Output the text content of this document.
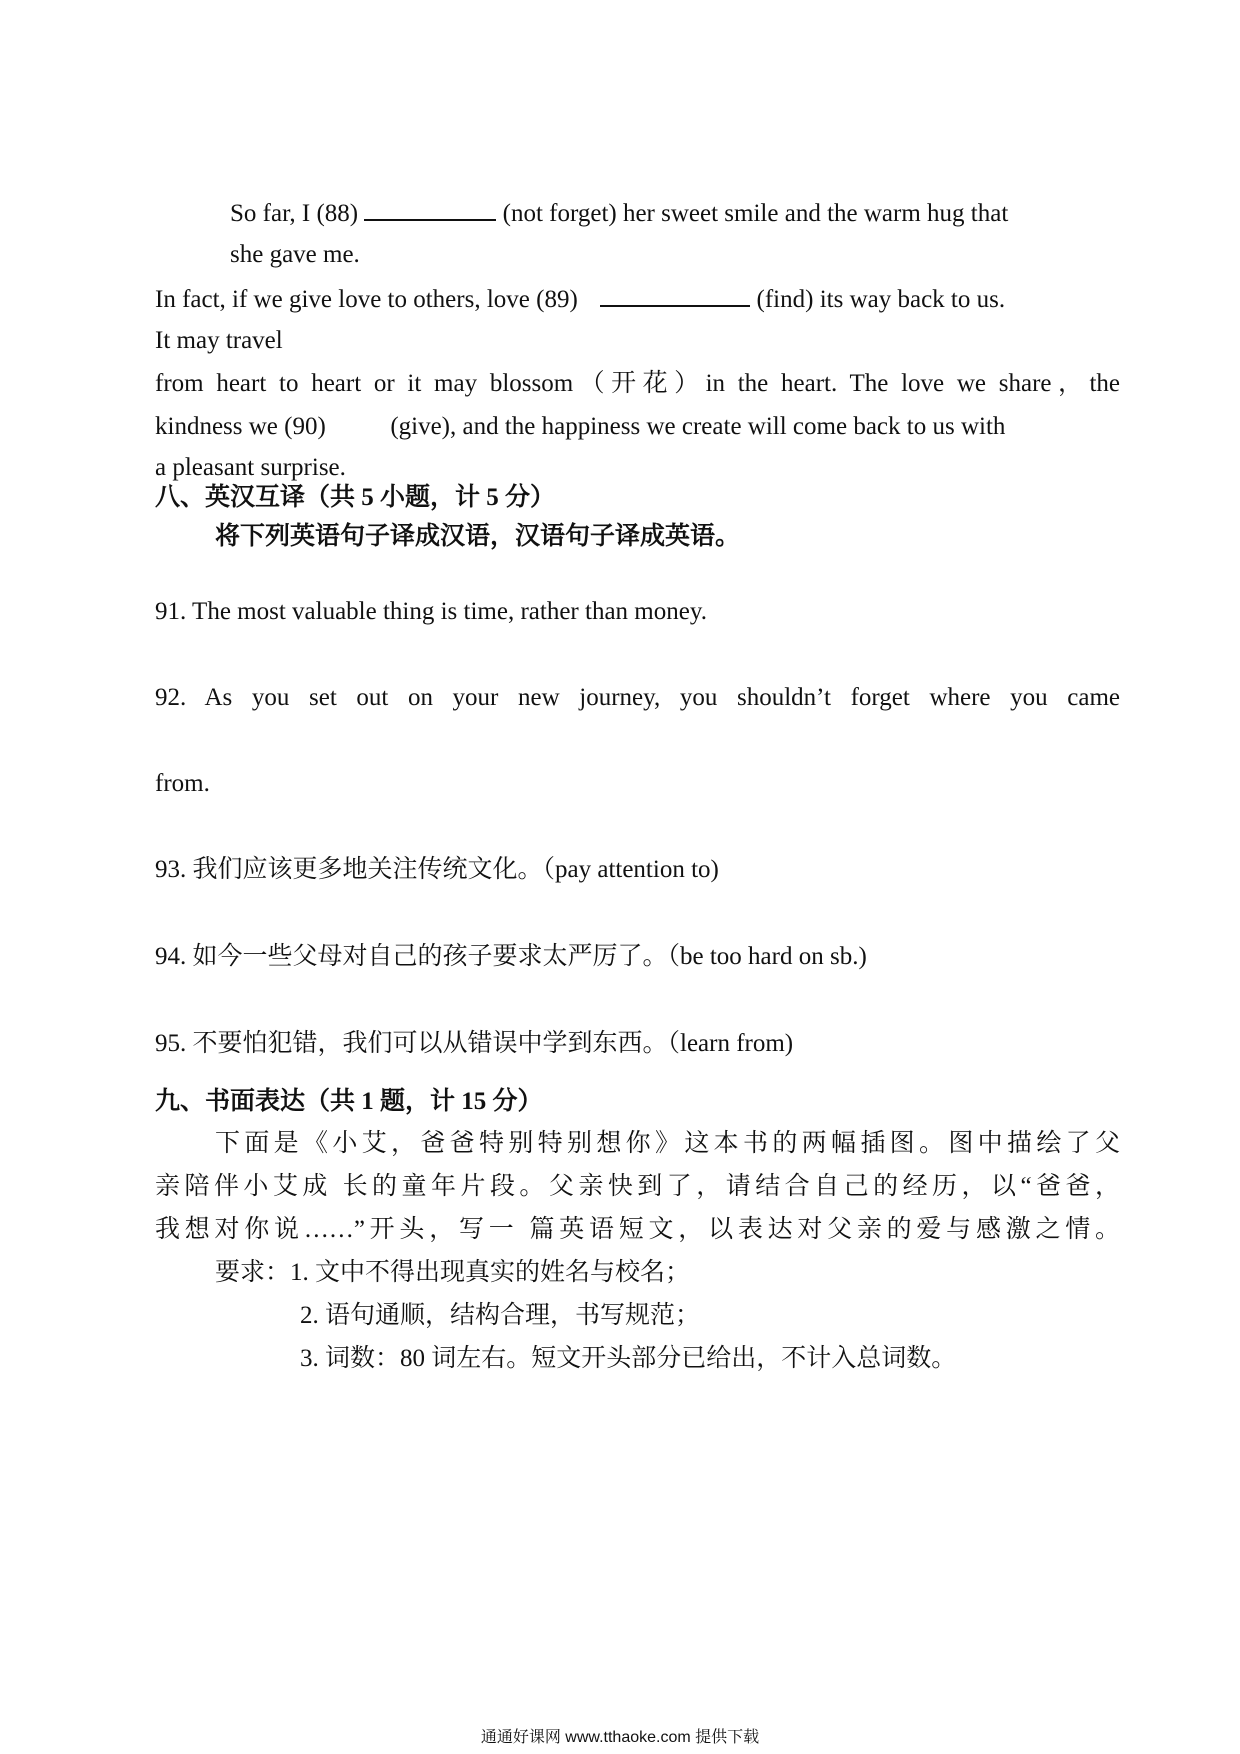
So far, I (88)	(not forget) her sweet smile and the warm hug that
she gave me.
In fact, if we give love to others, love (89)	(find) its way back to us.
It may travel
from heart to heart or it may blossom（开花）in the heart. The love we share，the
kindness we (90)	(give), and the happiness we create will come back to us with
a pleasant surprise.
八、英汉互译（共 5 小题，计 5 分）
将下列英语句子译成汉语，汉语句子译成英语。
91. The most valuable thing is time, rather than money.
92. As you set out on your new journey, you shouldn’t forget where you came
from.
93. 我们应该更多地关注传统文化。（pay attention to)
94. 如今一些父母对自己的孩子要求太严厉了。（be too hard on sb.)
95. 不要怕犯错，我们可以从错误中学到东西。（learn from)
九、书面表达（共 1 题，计 15 分）
下面是《小艾，爸爸特别特别想你》这本书的两幅插图。图中描绘了父
亲陪伴小艾成 长的童年片段。父亲快到了，请结合自己的经历，以“爸爸，
我想对你说……”开头，写一 篇英语短文，以表达对父亲的爱与感激之情。
要求：1. 文中不得出现真实的姓名与校名；
2. 语句通顺，结构合理，书写规范；
3. 词数：80 词左右。短文开头部分已给出，不计入总词数。
通通好课网 www.tthaoke.com 提供下载
